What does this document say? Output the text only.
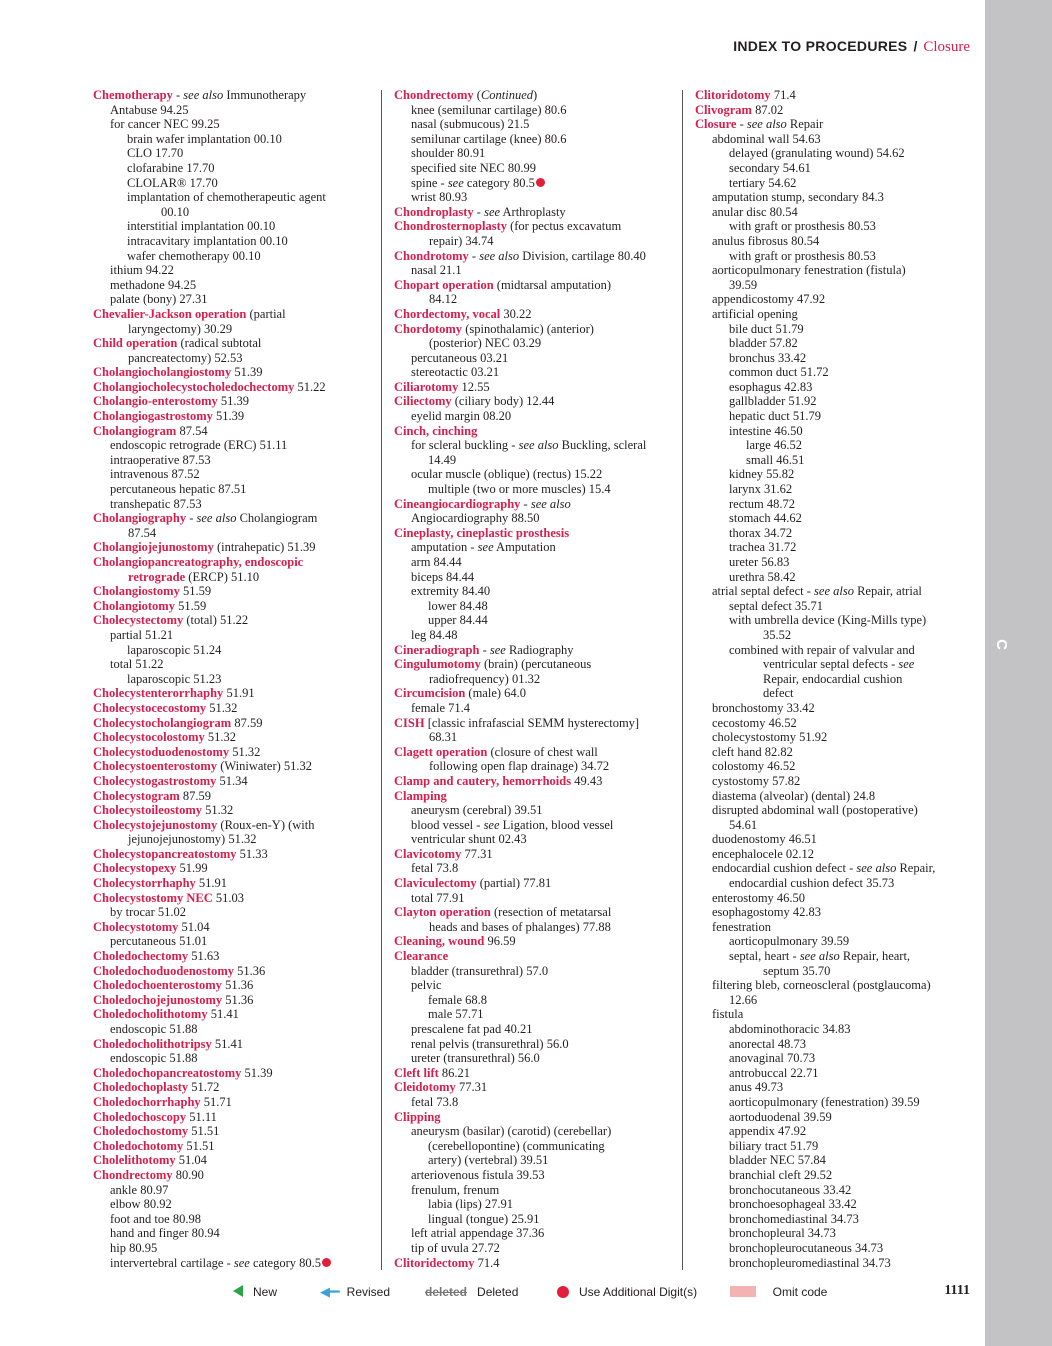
C
INDEX TO PROCEDURES / Closure
Chemotherapy - see also Immunotherapy
Antabuse 94.25
for cancer NEC 99.25
brain wafer implantation 00.10
CLO 17.70
clofarabine 17.70
CLOLAR® 17.70
implantation of chemotherapeutic agent
00.10
interstitial implantation 00.10
intracavitary implantation 00.10
wafer chemotherapy 00.10
ithium 94.22
methadone 94.25
palate (bony) 27.31
Chevalier-Jackson operation (partial
laryngectomy) 30.29
Child operation (radical subtotal
pancreatectomy) 52.53
Cholangiocholangiostomy 51.39
Cholangiocholecystocholedochectomy 51.22
Cholangio-enterostomy 51.39
Cholangiogastrostomy 51.39
Cholangiogram 87.54
endoscopic retrograde (ERC) 51.11
intraoperative 87.53
intravenous 87.52
percutaneous hepatic 87.51
transhepatic 87.53
Cholangiography - see also Cholangiogram
87.54
Cholangiojejunostomy (intrahepatic) 51.39
Cholangiopancreatography, endoscopic
retrograde (ERCP) 51.10
Cholangiostomy 51.59
Cholangiotomy 51.59
Cholecystectomy (total) 51.22
partial 51.21
laparoscopic 51.24
total 51.22
laparoscopic 51.23
Cholecystenterorrhaphy 51.91
Cholecystocecostomy 51.32
Cholecystocholangiogram 87.59
Cholecystocolostomy 51.32
Cholecystoduodenostomy 51.32
Cholecystoenterostomy (Winiwater) 51.32
Cholecystogastrostomy 51.34
Cholecystogram 87.59
Cholecystoileostomy 51.32
Cholecystojejunostomy (Roux-en-Y) (with
jejunojejunostomy) 51.32
Cholecystopancreatostomy 51.33
Cholecystopexy 51.99
Cholecystorrhaphy 51.91
Cholecystostomy NEC 51.03
by trocar 51.02
Cholecystotomy 51.04
percutaneous 51.01
Choledochectomy 51.63
Choledochoduodenostomy 51.36
Choledochoenterostomy 51.36
Choledochojejunostomy 51.36
Choledocholithotomy 51.41
endoscopic 51.88
Choledocholithotripsy 51.41
endoscopic 51.88
Choledochopancreatostomy 51.39
Choledochoplasty 51.72
Choledochorrhaphy 51.71
Choledochoscopy 51.11
Choledochostomy 51.51
Choledochotomy 51.51
Cholelithotomy 51.04
Chondrectomy 80.90
ankle 80.97
elbow 80.92
foot and toe 80.98
hand and finger 80.94
hip 80.95
intervertebral cartilage - see category 80.5
Chondrectomy (Continued)
knee (semilunar cartilage) 80.6
nasal (submucous) 21.5
semilunar cartilage (knee) 80.6
shoulder 80.91
specified site NEC 80.99
spine - see category 80.5
wrist 80.93
Chondroplasty - see Arthroplasty
Chondrosternoplasty (for pectus excavatum
repair) 34.74
Chondrotomy - see also Division, cartilage 80.40
nasal 21.1
Chopart operation (midtarsal amputation)
84.12
Chordectomy, vocal 30.22
Chordotomy (spinothalamic) (anterior)
(posterior) NEC 03.29
percutaneous 03.21
stereotactic 03.21
Ciliarotomy 12.55
Ciliectomy (ciliary body) 12.44
eyelid margin 08.20
Cinch, cinching
for scleral buckling - see also Buckling, scleral
14.49
ocular muscle (oblique) (rectus) 15.22
multiple (two or more muscles) 15.4
Cineangiocardiography - see also
Angiocardiography 88.50
Cineplasty, cineplastic prosthesis
amputation - see Amputation
arm 84.44
biceps 84.44
extremity 84.40
lower 84.48
upper 84.44
leg 84.48
Cineradiograph - see Radiography
Cingulumotomy (brain) (percutaneous
radiofrequency) 01.32
Circumcision (male) 64.0
female 71.4
CISH [classic infrafascial SEMM hysterectomy]
68.31
Clagett operation (closure of chest wall
following open flap drainage) 34.72
Clamp and cautery, hemorrhoids 49.43
Clamping
aneurysm (cerebral) 39.51
blood vessel - see Ligation, blood vessel
ventricular shunt 02.43
Clavicotomy 77.31
fetal 73.8
Claviculectomy (partial) 77.81
total 77.91
Clayton operation (resection of metatarsal
heads and bases of phalanges) 77.88
Cleaning, wound 96.59
Clearance
bladder (transurethral) 57.0
pelvic
female 68.8
male 57.71
prescalene fat pad 40.21
renal pelvis (transurethral) 56.0
ureter (transurethral) 56.0
Cleft lift 86.21
Cleidotomy 77.31
fetal 73.8
Clipping
aneurysm (basilar) (carotid) (cerebellar)
(cerebellopontine) (communicating
artery) (vertebral) 39.51
arteriovenous fistula 39.53
frenulum, frenum
labia (lips) 27.91
lingual (tongue) 25.91
left atrial appendage 37.36
tip of uvula 27.72
Clitoridectomy 71.4
Clitoridotomy 71.4
Clivogram 87.02
Closure - see also Repair
abdominal wall 54.63
delayed (granulating wound) 54.62
secondary 54.61
tertiary 54.62
amputation stump, secondary 84.3
anular disc 80.54
with graft or prosthesis 80.53
anulus fibrosus 80.54
with graft or prosthesis 80.53
aorticopulmonary fenestration (fistula)
39.59
appendicostomy 47.92
artificial opening
bile duct 51.79
bladder 57.82
bronchus 33.42
common duct 51.72
esophagus 42.83
gallbladder 51.92
hepatic duct 51.79
intestine 46.50
large 46.52
small 46.51
kidney 55.82
larynx 31.62
rectum 48.72
stomach 44.62
thorax 34.72
trachea 31.72
ureter 56.83
urethra 58.42
atrial septal defect - see also Repair, atrial
septal defect 35.71
with umbrella device (King-Mills type)
35.52
combined with repair of valvular and
ventricular septal defects - see
Repair, endocardial cushion
defect
bronchostomy 33.42
cecostomy 46.52
cholecystostomy 51.92
cleft hand 82.82
colostomy 46.52
cystostomy 57.82
diastema (alveolar) (dental) 24.8
disrupted abdominal wall (postoperative)
54.61
duodenostomy 46.51
encephalocele 02.12
endocardial cushion defect - see also Repair,
endocardial cushion defect 35.73
enterostomy 46.50
esophagostomy 42.83
fenestration
aorticopulmonary 39.59
septal, heart - see also Repair, heart,
septum 35.70
filtering bleb, corneoscleral (postglaucoma)
12.66
fistula
abdominothoracic 34.83
anorectal 48.73
anovaginal 70.73
antrobuccal 22.71
anus 49.73
aorticopulmonary (fenestration) 39.59
aortoduodenal 39.59
appendix 47.92
biliary tract 51.79
bladder NEC 57.84
branchial cleft 29.52
bronchocutaneous 33.42
bronchoesophageal 33.42
bronchomediastinal 34.73
bronchopleural 34.73
bronchopleurocutaneous 34.73
bronchopleuromediastinal 34.73
New	◀━━ Revised	deleted Deleted	Use Additional Digit(s)	Omit code	1111
